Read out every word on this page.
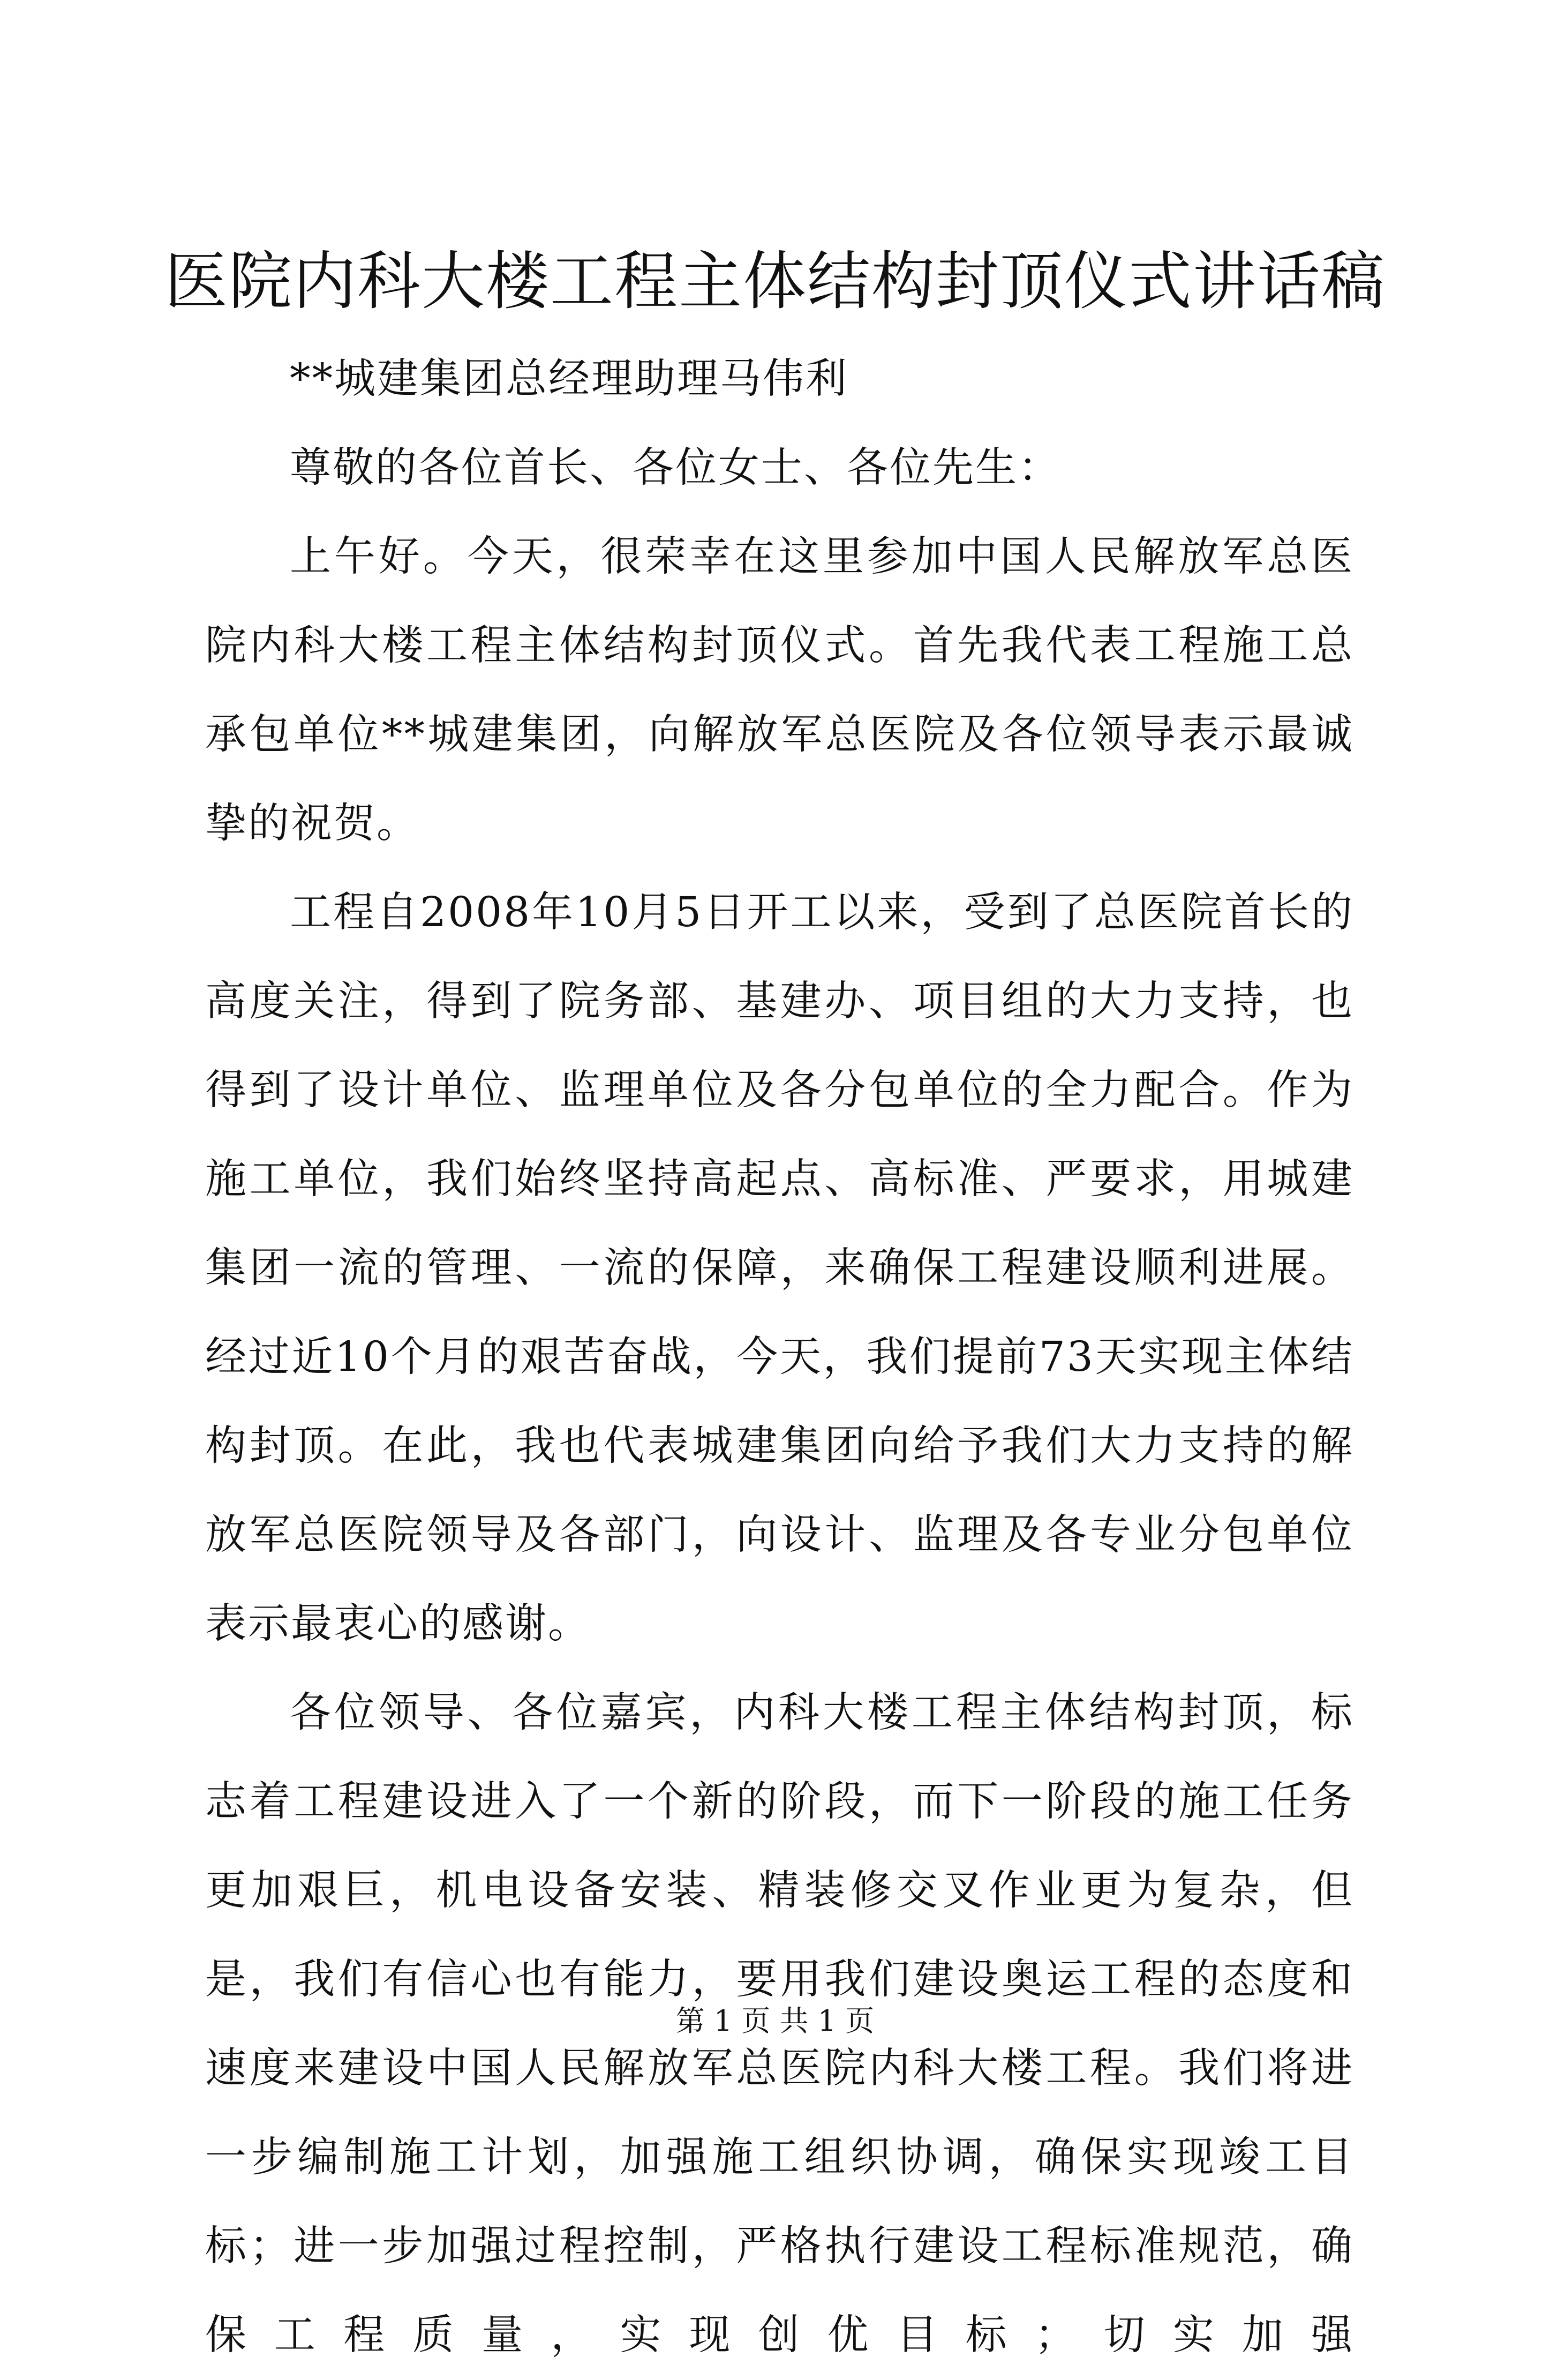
医院内科大楼工程主体结构封顶仪式讲话稿

**城建集团总经理助理马伟利

尊敬的各位首长、各位女士、各位先生：

上午好。今天，很荣幸在这里参加中国人民解放军总医院内科大楼工程主体结构封顶仪式。首先我代表工程施工总承包单位**城建集团，向解放军总医院及各位领导表示最诚挚的祝贺。

工程自2008年10月5日开工以来，受到了总医院首长的高度关注，得到了院务部、基建办、项目组的大力支持，也得到了设计单位、监理单位及各分包单位的全力配合。作为施工单位，我们始终坚持高起点、高标准、严要求，用城建集团一流的管理、一流的保障，来确保工程建设顺利进展。经过近10个月的艰苦奋战，今天，我们提前73天实现主体结构封顶。在此，我也代表城建集团向给予我们大力支持的解放军总医院领导及各部门，向设计、监理及各专业分包单位表示最衷心的感谢。

各位领导、各位嘉宾，内科大楼工程主体结构封顶，标志着工程建设进入了一个新的阶段，而下一阶段的施工任务更加艰巨，机电设备安装、精装修交叉作业更为复杂，但是，我们有信心也有能力，要用我们建设奥运工程的态度和速度来建设中国人民解放军总医院内科大楼工程。我们将进一步编制施工计划，加强施工组织协调，确保实现竣工目标；进一步加强过程控制，严格执行建设工程标准规范，确保工程质量，实现创优目标；切实加强

第 1 页 共 1 页
